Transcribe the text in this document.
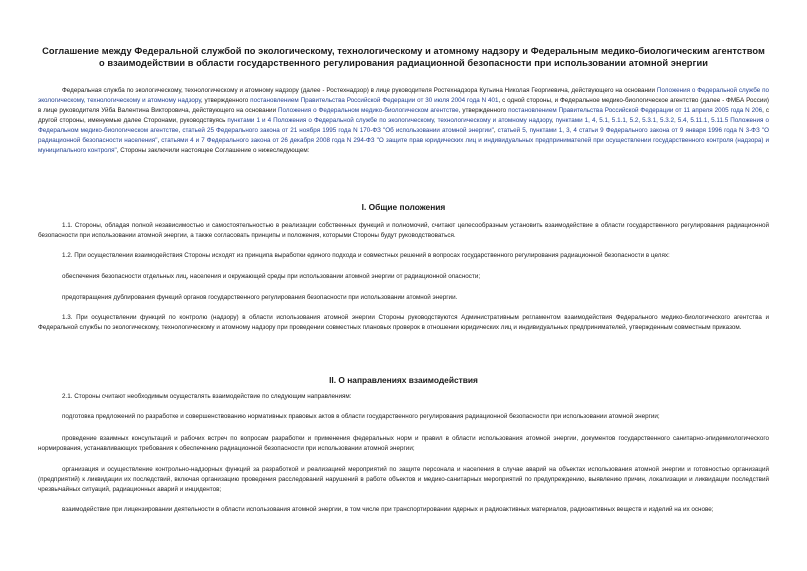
Соглашение между Федеральной службой по экологическому, технологическому и атомному надзору и Федеральным медико-биологическим агентством о взаимодействии в области государственного регулирования радиационной безопасности при использовании атомной энергии

Федеральная служба по экологическому, технологическому и атомному надзору (далее - Ростехнадзор) в лице руководителя Ростехнадзора Кутьина Николая Георгиевича, действующего на основании Положения о Федеральной службе по экологическому, технологическому и атомному надзору, утвержденного постановлением Правительства Российской Федерации от 30 июля 2004 года N 401, с одной стороны, и Федеральное медико-биологическое агентство (далее - ФМБА России) в лице руководителя Уйба Валентина Викторовича, действующего на основании Положения о Федеральном медико-биологическом агентстве, утвержденного постановлением Правительства Российской Федерации от 11 апреля 2005 года N 206, с другой стороны, именуемые далее Сторонами, руководствуясь пунктами 1 и 4 Положения о Федеральной службе по экологическому, технологическому и атомному надзору, пунктами 1, 4, 5.1, 5.1.1, 5.2, 5.3.1, 5.3.2, 5.4, 5.11.1, 5.11.5 Положения о Федеральном медико-биологическом агентстве, статьей 25 Федерального закона от 21 ноября 1995 года N 170-ФЗ "Об использовании атомной энергии", статьей 5, пунктами 1, 3, 4 статьи 9 Федерального закона от 9 января 1996 года N 3-ФЗ "О радиационной безопасности населения", статьями 4 и 7 Федерального закона от 26 декабря 2008 года N 294-ФЗ "О защите прав юридических лиц и индивидуальных предпринимателей при осуществлении государственного контроля (надзора) и муниципального контроля", Стороны заключили настоящее Соглашение о нижеследующем:

I. Общие положения

1.1. Стороны, обладая полной независимостью и самостоятельностью в реализации собственных функций и полномочий, считают целесообразным установить взаимодействие в области государственного регулирования радиационной безопасности при использовании атомной энергии, а также согласовать принципы и положения, которыми Стороны будут руководствоваться.

1.2. При осуществлении взаимодействия Стороны исходят из принципа выработки единого подхода и совместных решений в вопросах государственного регулирования радиационной безопасности в целях:

обеспечения безопасности отдельных лиц, населения и окружающей среды при использовании атомной энергии от радиационной опасности;

предотвращения дублирования функций органов государственного регулирования безопасности при использовании атомной энергии.

1.3. При осуществлении функций по контролю (надзору) в области использования атомной энергии Стороны руководствуются Административным регламентом взаимодействия Федерального медико-биологического агентства и Федеральной службы по экологическому, технологическому и атомному надзору при проведении совместных плановых проверок в отношении юридических лиц и индивидуальных предпринимателей, утвержденным совместным приказом.

II. О направлениях взаимодействия

2.1. Стороны считают необходимым осуществлять взаимодействие по следующим направлениям:

подготовка предложений по разработке и совершенствованию нормативных правовых актов в области государственного регулирования радиационной безопасности при использовании атомной энергии;

проведение взаимных консультаций и рабочих встреч по вопросам разработки и применения федеральных норм и правил в области использования атомной энергии, документов государственного санитарно-эпидемиологического нормирования, устанавливающих требования к обеспечению радиационной безопасности при использовании атомной энергии;

организация и осуществление контрольно-надзорных функций за разработкой и реализацией мероприятий по защите персонала и населения в случае аварий на объектах использования атомной энергии и готовностью организаций (предприятий) к ликвидации их последствий, включая организацию проведения расследований нарушений в работе объектов и медико-санитарных мероприятий по предупреждению, выявлению причин, локализации и ликвидации последствий чрезвычайных ситуаций, радиационных аварий и инцидентов;

взаимодействие при лицензировании деятельности в области использования атомной энергии, в том числе при транспортировании ядерных и радиоактивных материалов, радиоактивных веществ и изделий на их основе;
